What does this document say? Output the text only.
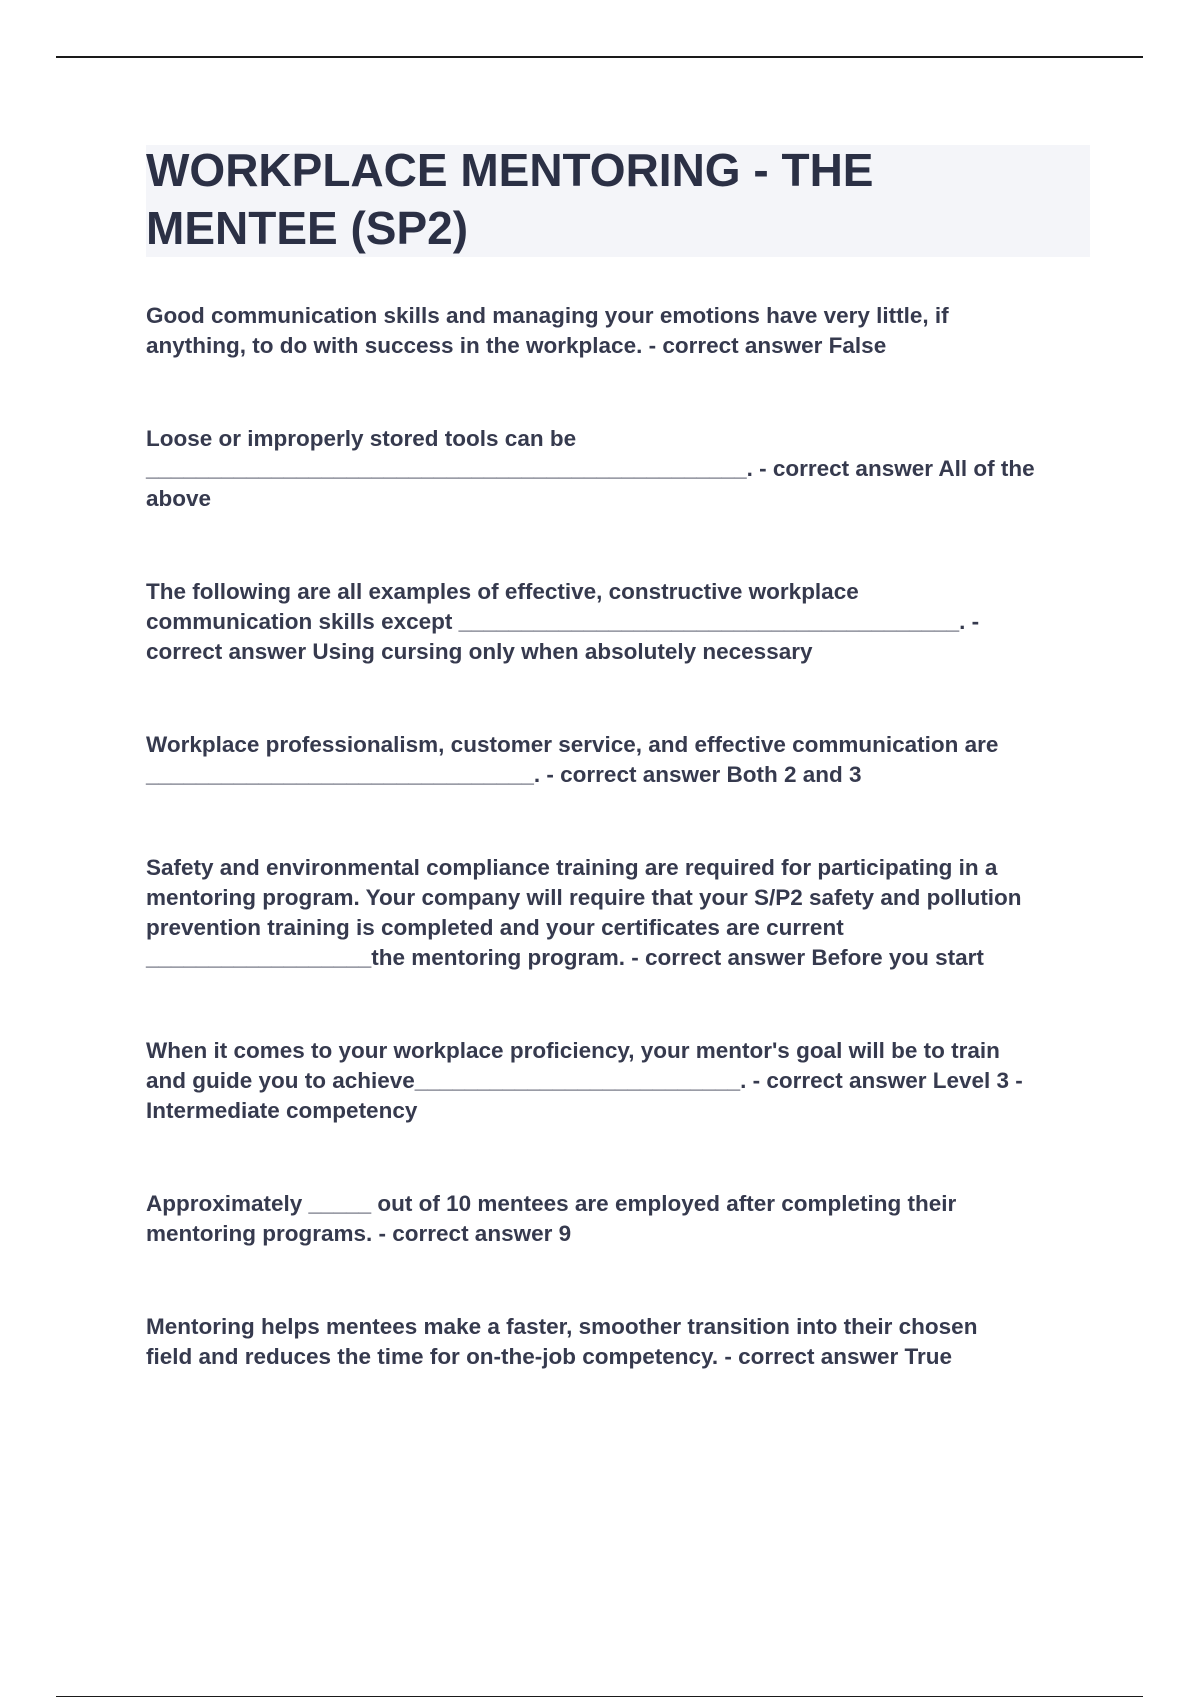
WORKPLACE MENTORING - THE
MENTEE (SP2)

Good communication skills and managing your emotions have very little, if
anything, to do with success in the workplace. - correct answer False

Loose or improperly stored tools can be
________________________________________________. - correct answer All of the
above

The following are all examples of effective, constructive workplace
communication skills except ________________________________________. -
correct answer Using cursing only when absolutely necessary

Workplace professionalism, customer service, and effective communication are
_______________________________. - correct answer Both 2 and 3

Safety and environmental compliance training are required for participating in a
mentoring program. Your company will require that your S/P2 safety and pollution
prevention training is completed and your certificates are current
__________________the mentoring program. - correct answer Before you start

When it comes to your workplace proficiency, your mentor's goal will be to train
and guide you to achieve__________________________. - correct answer Level 3 -
Intermediate competency

Approximately _____ out of 10 mentees are employed after completing their
mentoring programs. - correct answer 9

Mentoring helps mentees make a faster, smoother transition into their chosen
field and reduces the time for on-the-job competency. - correct answer True
